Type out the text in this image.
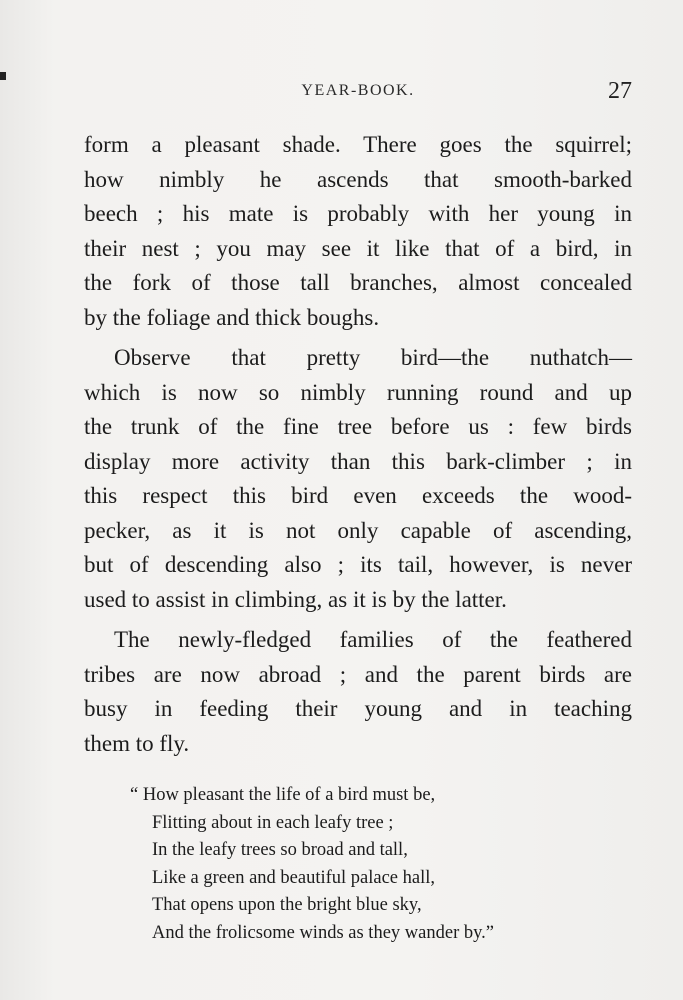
YEAR-BOOK.	27
form a pleasant shade. There goes the squirrel;
how nimbly he ascends that smooth-barked
beech ; his mate is probably with her young in
their nest ; you may see it like that of a bird, in
the fork of those tall branches, almost concealed
by the foliage and thick boughs.
Observe that pretty bird—the nuthatch—
which is now so nimbly running round and up
the trunk of the fine tree before us : few birds
display more activity than this bark-climber ; in
this respect this bird even exceeds the wood-
pecker, as it is not only capable of ascending,
but of descending also ; its tail, however, is never
used to assist in climbing, as it is by the latter.
The newly-fledged families of the feathered
tribes are now abroad ; and the parent birds are
busy in feeding their young and in teaching
them to fly.
“ How pleasant the life of a bird must be,
Flitting about in each leafy tree ;
In the leafy trees so broad and tall,
Like a green and beautiful palace hall,
That opens upon the bright blue sky,
And the frolicsome winds as they wander by.”
